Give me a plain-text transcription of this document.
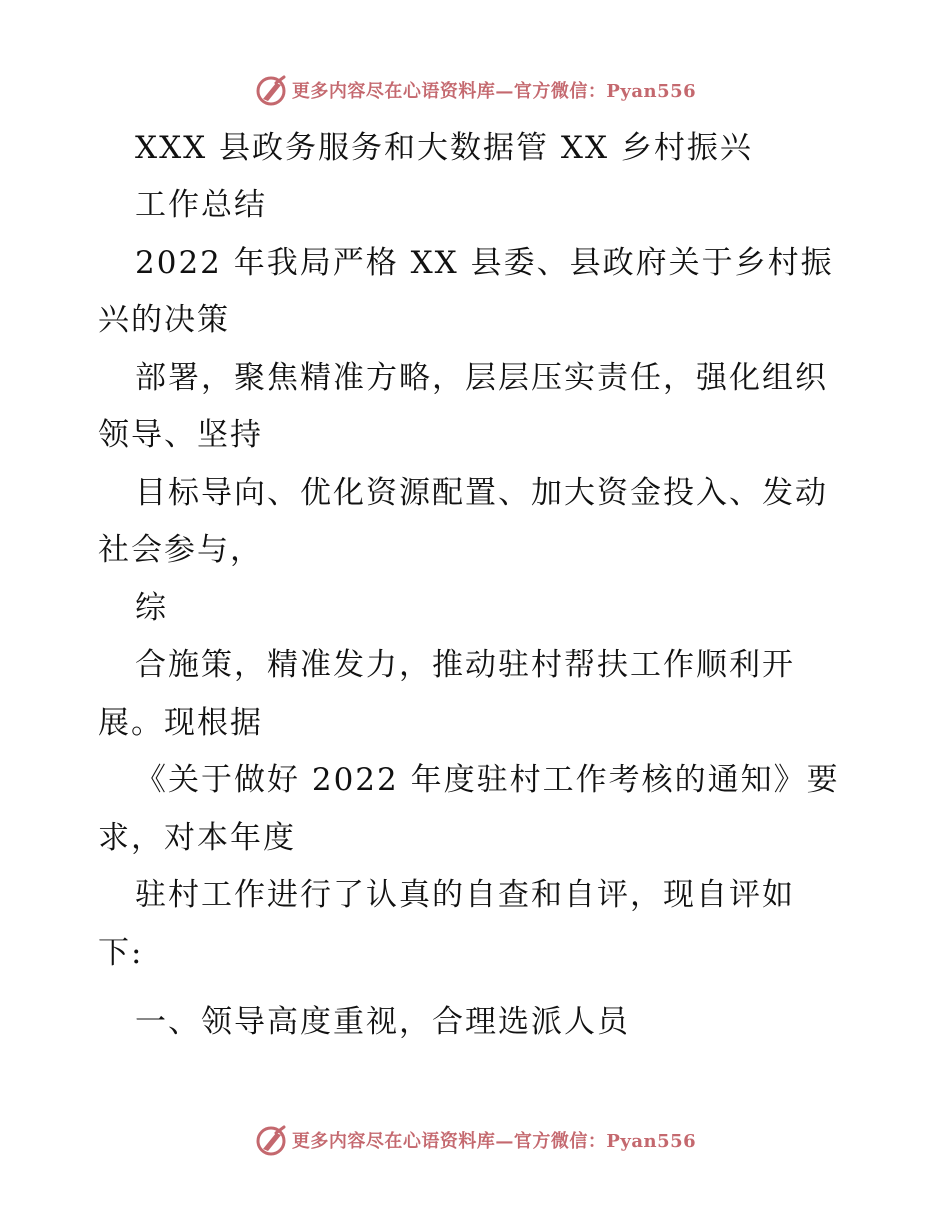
更多内容尽在心语资料库—官方微信：Pyan556
XXX 县政务服务和大数据管 XX 乡村振兴
工作总结
2022 年我局严格 XX 县委、县政府关于乡村振
兴的决策
部署，聚焦精准方略，层层压实责任，强化组织
领导、坚持
目标导向、优化资源配置、加大资金投入、发动
社会参与，
综
合施策，精准发力，推动驻村帮扶工作顺利开
展。现根据
《关于做好 2022 年度驻村工作考核的通知》要
求，对本年度
驻村工作进行了认真的自查和自评，现自评如
下:
一、领导高度重视，合理选派人员
更多内容尽在心语资料库—官方微信：Pyan556
